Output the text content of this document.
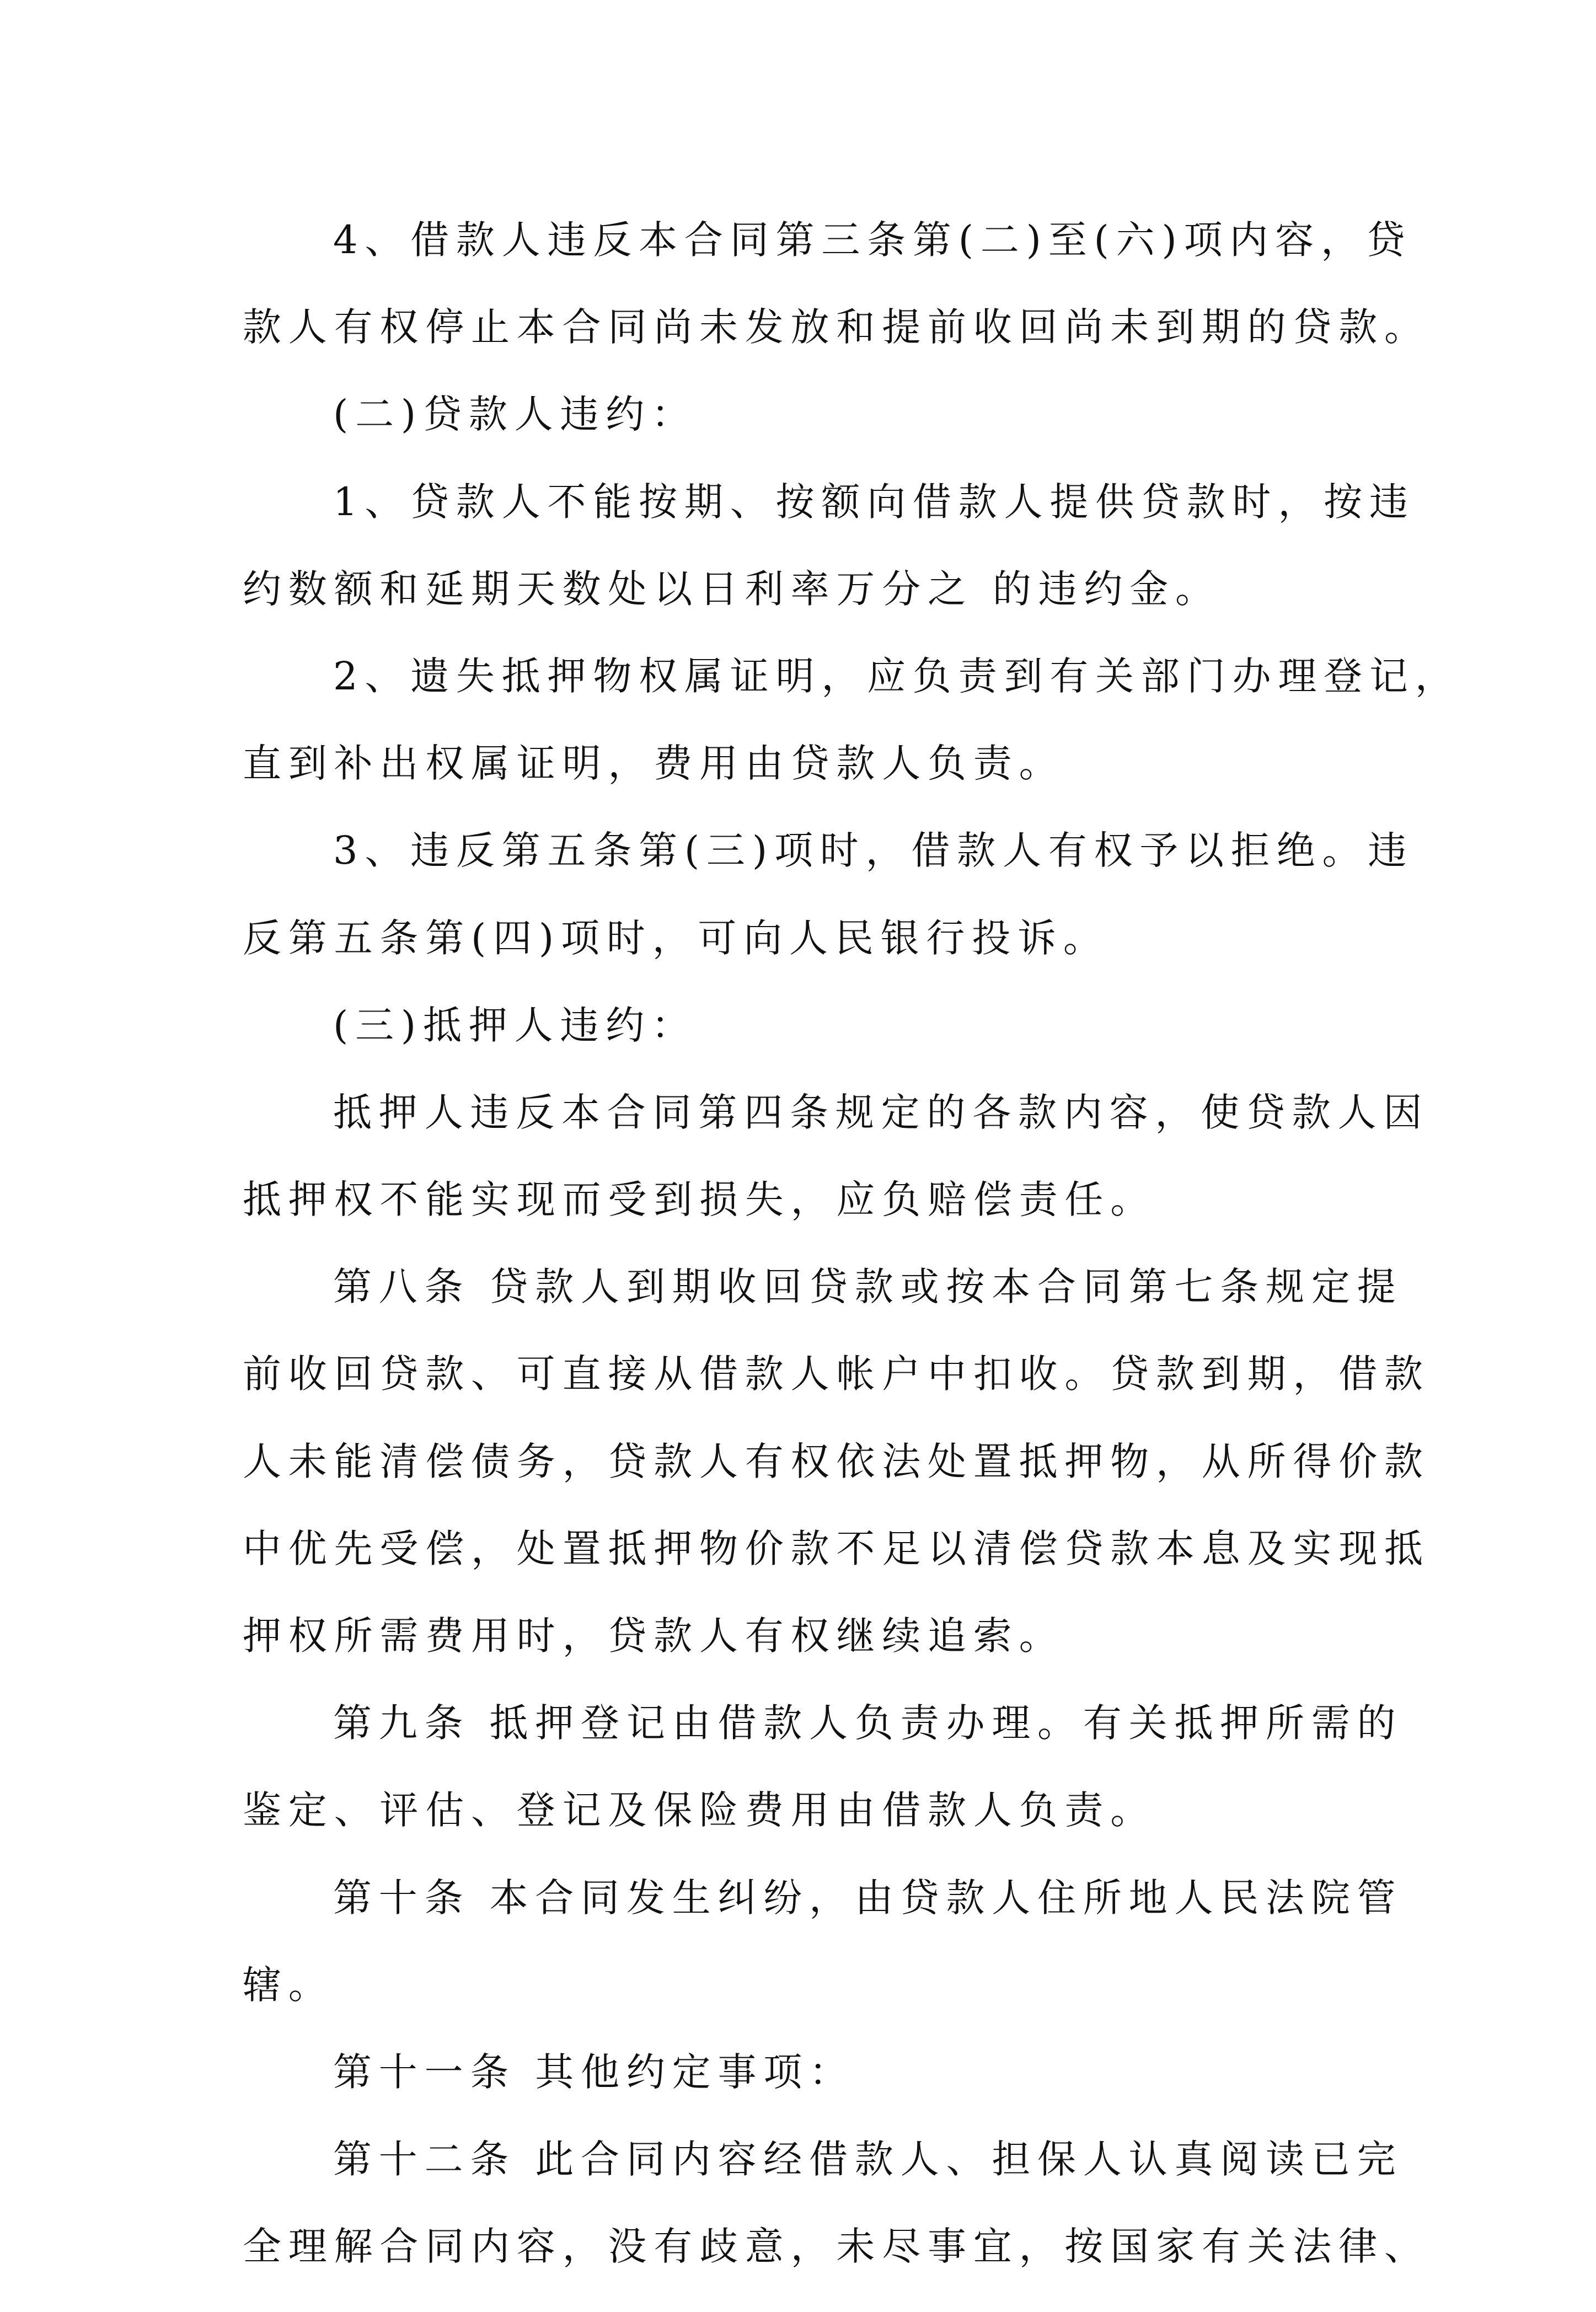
4、借款人违反本合同第三条第(二)至(六)项内容，贷
款人有权停止本合同尚未发放和提前收回尚未到期的贷款。
(二)贷款人违约：
1、贷款人不能按期、按额向借款人提供贷款时，按违
约数额和延期天数处以日利率万分之 的违约金。
2、遗失抵押物权属证明，应负责到有关部门办理登记，
直到补出权属证明，费用由贷款人负责。
3、违反第五条第(三)项时，借款人有权予以拒绝。违
反第五条第(四)项时，可向人民银行投诉。
(三)抵押人违约：
抵押人违反本合同第四条规定的各款内容，使贷款人因
抵押权不能实现而受到损失，应负赔偿责任。
第八条 贷款人到期收回贷款或按本合同第七条规定提
前收回贷款、可直接从借款人帐户中扣收。贷款到期，借款
人未能清偿债务，贷款人有权依法处置抵押物，从所得价款
中优先受偿，处置抵押物价款不足以清偿贷款本息及实现抵
押权所需费用时，贷款人有权继续追索。
第九条 抵押登记由借款人负责办理。有关抵押所需的
鉴定、评估、登记及保险费用由借款人负责。
第十条 本合同发生纠纷，由贷款人住所地人民法院管
辖。
第十一条 其他约定事项：
第十二条 此合同内容经借款人、担保人认真阅读已完
全理解合同内容，没有歧意，未尽事宜，按国家有关法律、
